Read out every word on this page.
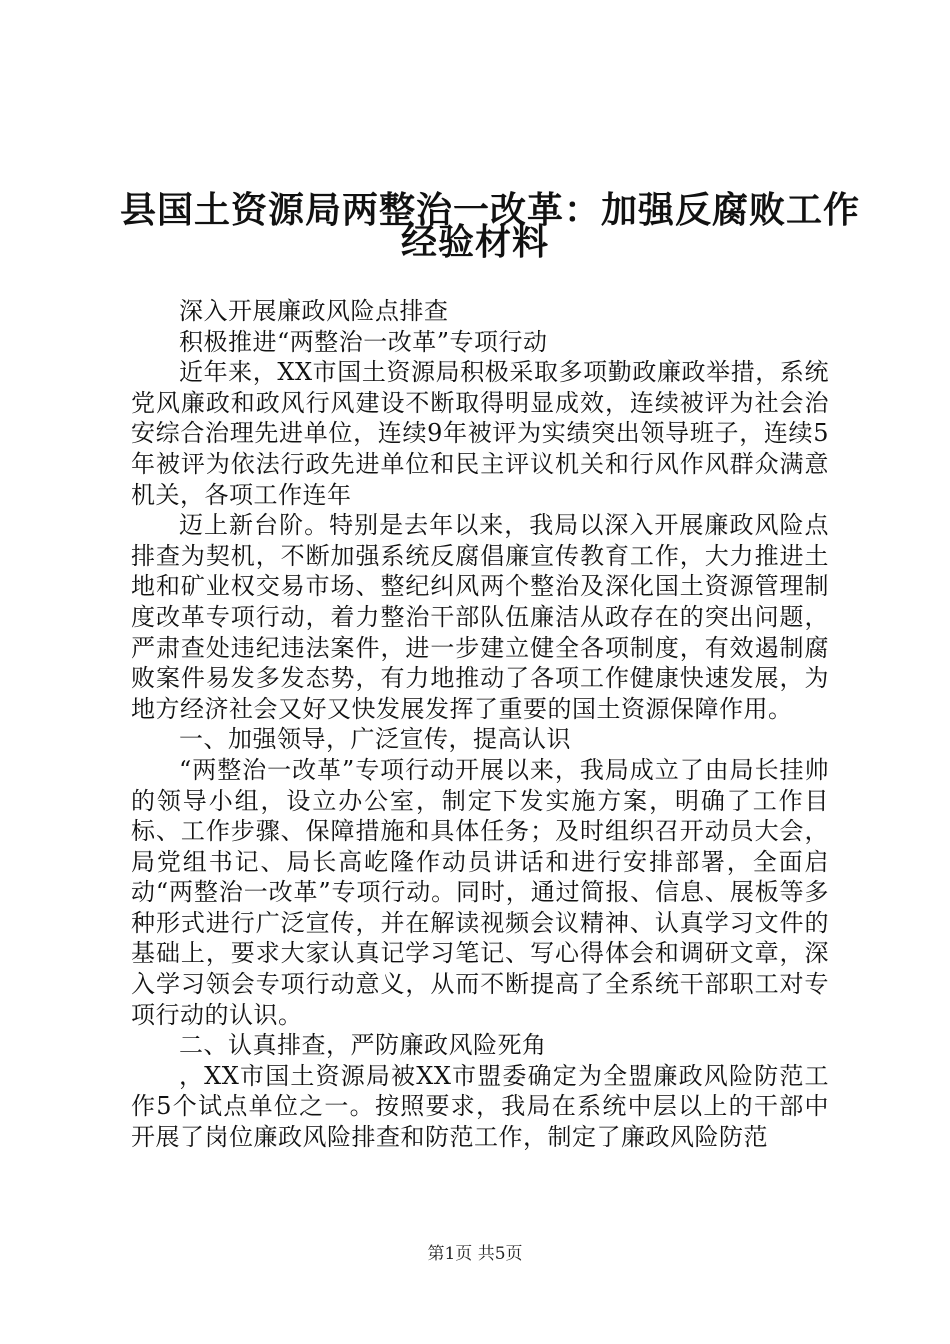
县国土资源局两整治一改革：加强反腐败工作
经验材料

深入开展廉政风险点排查

积极推进“两整治一改革”专项行动

近年来，XX市国土资源局积极采取多项勤政廉政举措，系统党风廉政和政风行风建设不断取得明显成效，连续被评为社会治安综合治理先进单位，连续9年被评为实绩突出领导班子，连续5年被评为依法行政先进单位和民主评议机关和行风作风群众满意机关，各项工作连年

迈上新台阶。特别是去年以来，我局以深入开展廉政风险点排查为契机，不断加强系统反腐倡廉宣传教育工作，大力推进土地和矿业权交易市场、整纪纠风两个整治及深化国土资源管理制度改革专项行动，着力整治干部队伍廉洁从政存在的突出问题，严肃查处违纪违法案件，进一步建立健全各项制度，有效遏制腐败案件易发多发态势，有力地推动了各项工作健康快速发展，为地方经济社会又好又快发展发挥了重要的国土资源保障作用。

一、加强领导，广泛宣传，提高认识

“两整治一改革”专项行动开展以来，我局成立了由局长挂帅的领导小组，设立办公室，制定下发实施方案，明确了工作目标、工作步骤、保障措施和具体任务；及时组织召开动员大会，局党组书记、局长高屹隆作动员讲话和进行安排部署，全面启动“两整治一改革”专项行动。同时，通过简报、信息、展板等多种形式进行广泛宣传，并在解读视频会议精神、认真学习文件的基础上，要求大家认真记学习笔记、写心得体会和调研文章，深入学习领会专项行动意义，从而不断提高了全系统干部职工对专项行动的认识。

二、认真排查，严防廉政风险死角

，XX市国土资源局被XX市盟委确定为全盟廉政风险防范工作5个试点单位之一。按照要求，我局在系统中层以上的干部中开展了岗位廉政风险排查和防范工作，制定了廉政风险防范

第1页 共5页
